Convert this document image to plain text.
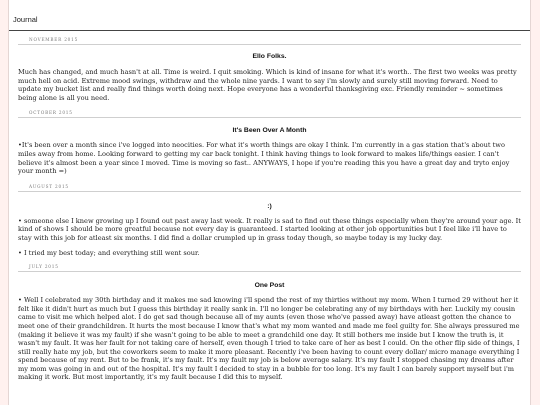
Journal
NOVEMBER 2015
Ello Folks.

Much has changed, and much hasn't at all. Time is weird. I quit smoking. Which is kind of insane for what it's worth.. The first two weeks was pretty much hell on acid. Extreme mood swings, withdraw and the whole nine yards. I want to say i'm slowly and surely still moving forward. Need to update my bucket list and really find things worth doing next. Hope everyone has a wonderful thanksgiving exc. Friendly reminder ~ sometimes being alone is all you need.

OCTOBER 2015
It's Been Over A Month

•It's been over a month since i've logged into neocities. For what it's worth things are okay I think. I'm currently in a gas station that's about two miles away from home. Looking forward to getting my car back tonight. I think having things to look forward to makes life/things easier. I can't believe it's almost been a year since I moved. Time is moving so fast.. ANYWAYS, I hope if you're reading this you have a great day and tryto enjoy your month =)

AUGUST 2015
:)

• someone else I knew growing up I found out past away last week. It really is sad to find out these things especially when they're around your age. It kind of shows I should be more greatful because not every day is guaranteed. I started looking at other job opportunities but I feel like i'll have to stay with this job for atleast six months. I did find a dollar crumpled up in grass today though, so maybe today is my lucky day.

• I tried my best today; and everything still went sour.

JULY 2015
One Post

• Well I celebrated my 30th birthday and it makes me sad knowing i'll spend the rest of my thirties without my mom. When I turned 29 without her it felt like it didn't hurt as much but I guess this birthday it really sank in. I'll no longer be celebrating any of my birthdays with her. Luckily my cousin came to visit me which helped alot. I do get sad though because all of my aunts (even those who've passed away) have atleast gotten the chance to meet one of their grandchildren. It hurts the most because I know that's what my mom wanted and made me feel guilty for. She always pressured me (making it believe it was my fault) if she wasn't going to be able to meet a grandchild one day. It still bothers me inside but I know the truth is, it wasn't my fault. It was her fault for not taking care of herself, even though I tried to take care of her as best I could. On the other flip side of things, I still really hate my job, but the coworkers seem to make it more pleasant. Recently i've been having to count every dollar/ micro manage everything I spend because of my rent. But to be frank, it's my fault. It's my fault my job is below average salary. It's my fault I stopped chasing my dreams after my mom was going in and out of the hospital. It's my fault I decided to stay in a bubble for too long. It's my fault I can barely support myself but i'm making it work. But most importantly, it's my fault because I did this to myself.
